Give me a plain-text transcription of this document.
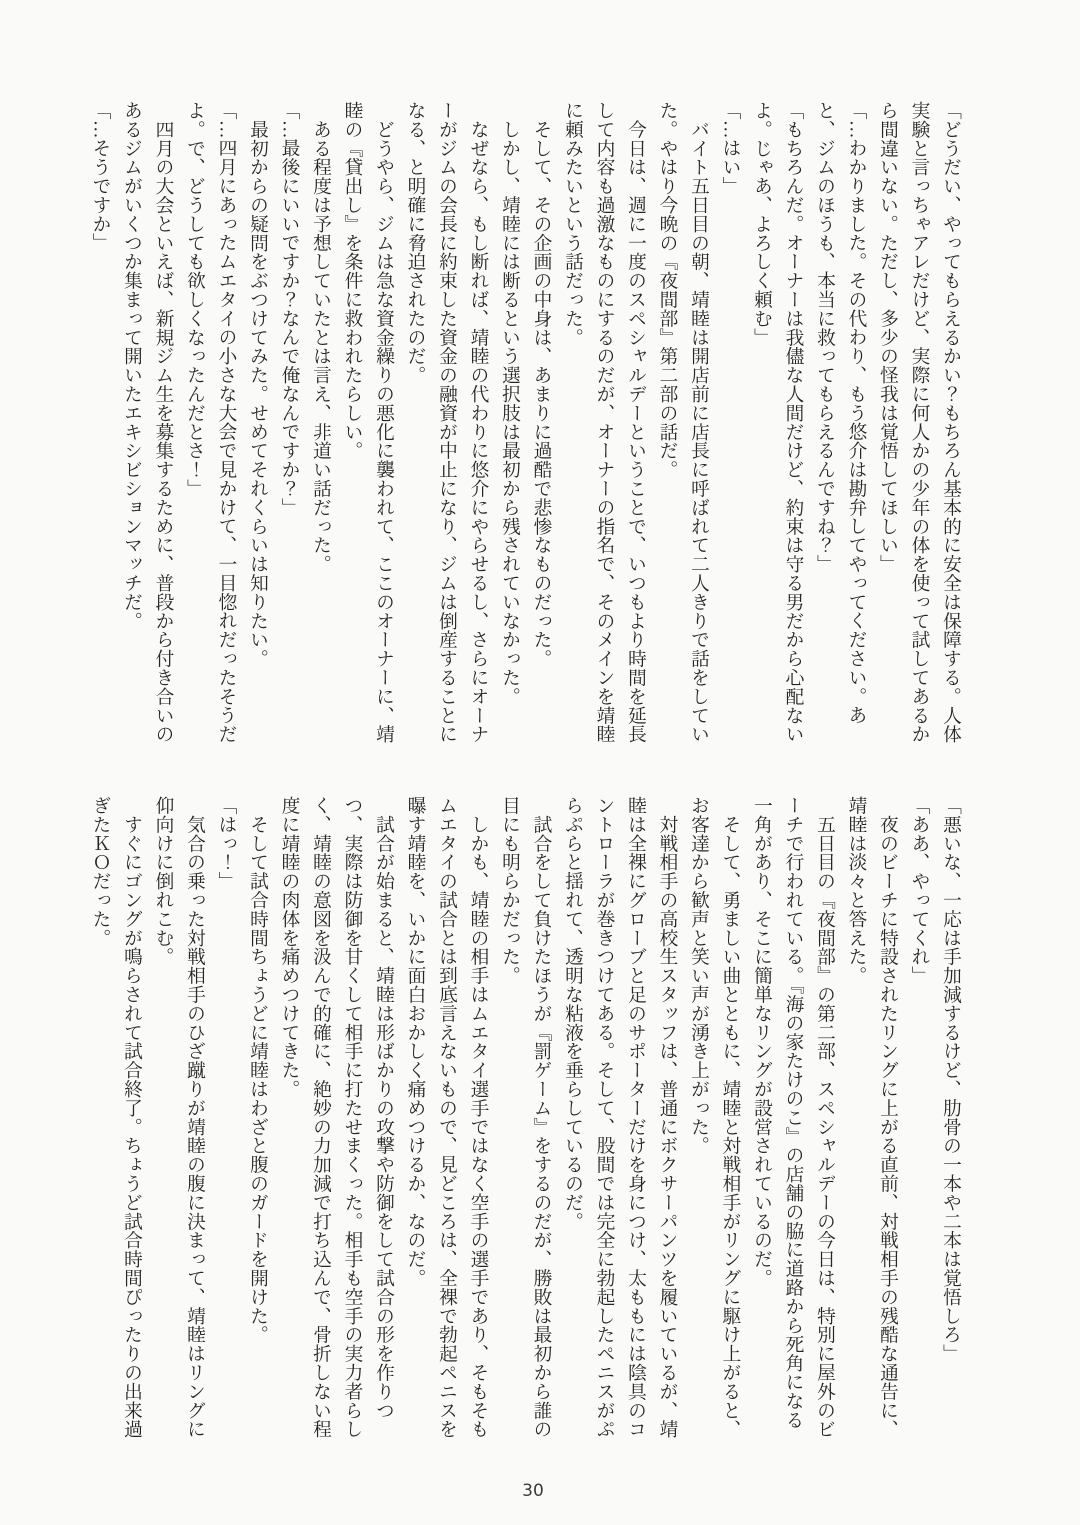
「どうだい、やってもらえるかい？もちろん基本的に安全は保障する。人体
実験と言っちゃアレだけど、実際に何人かの少年の体を使って試してあるか
ら間違いない。ただし、多少の怪我は覚悟してほしい」
「…わかりました。その代わり、もう悠介は勘弁してやってください。あ
と、ジムのほうも、本当に救ってもらえるんですね？」
「もちろんだ。オーナーは我儘な人間だけど、約束は守る男だから心配ない
よ。じゃあ、よろしく頼む」
「…はい」
　バイト五日目の朝、靖睦は開店前に店長に呼ばれて二人きりで話をしてい
た。やはり今晩の『夜間部』第二部の話だ。
　今日は、週に一度のスペシャルデーということで、いつもより時間を延長
して内容も過激なものにするのだが、オーナーの指名で、そのメインを靖睦
に頼みたいという話だった。
　そして、その企画の中身は、あまりに過酷で悲惨なものだった。
　しかし、靖睦には断るという選択肢は最初から残されていなかった。
　なぜなら、もし断れば、靖睦の代わりに悠介にやらせるし、さらにオーナ
ーがジムの会長に約束した資金の融資が中止になり、ジムは倒産することに
なる、と明確に脅迫されたのだ。
　どうやら、ジムは急な資金繰りの悪化に襲われて、ここのオーナーに、靖
睦の『貸出し』を条件に救われたらしい。
　ある程度は予想していたとは言え、非道い話だった。
「…最後にいいですか？なんで俺なんですか？」
　最初からの疑問をぶつけてみた。せめてそれくらいは知りたい。
「…四月にあったムエタイの小さな大会で見かけて、一目惚れだったそうだ
よ。で、どうしても欲しくなったんだとさ！」
　四月の大会といえば、新規ジム生を募集するために、普段から付き合いの
あるジムがいくつか集まって開いたエキシビションマッチだ。
「…そうですか」
「悪いな、一応は手加減するけど、肋骨の一本や二本は覚悟しろ」
「ああ、やってくれ」
　夜のビーチに特設されたリングに上がる直前、対戦相手の残酷な通告に、
靖睦は淡々と答えた。
　五日目の『夜間部』の第二部、スペシャルデーの今日は、特別に屋外のビ
ーチで行われている。『海の家たけのこ』の店舗の脇に道路から死角になる
一角があり、そこに簡単なリングが設営されているのだ。
　そして、勇ましい曲とともに、靖睦と対戦相手がリングに駆け上がると、
お客達から歓声と笑い声が湧き上がった。
　対戦相手の高校生スタッフは、普通にボクサーパンツを履いているが、靖
睦は全裸にグローブと足のサポーターだけを身につけ、太ももには陰具のコ
ントローラが巻きつけてある。そして、股間では完全に勃起したペニスがぷ
らぷらと揺れて、透明な粘液を垂らしているのだ。
　試合をして負けたほうが『罰ゲーム』をするのだが、勝敗は最初から誰の
目にも明らかだった。
　しかも、靖睦の相手はムエタイ選手ではなく空手の選手であり、そもそも
ムエタイの試合とは到底言えないもので、見どころは、全裸で勃起ペニスを
曝す靖睦を、いかに面白おかしく痛めつけるか、なのだ。
　試合が始まると、靖睦は形ばかりの攻撃や防御をして試合の形を作りつ
つ、実際は防御を甘くして相手に打たせまくった。相手も空手の実力者らし
く、靖睦の意図を汲んで的確に、絶妙の力加減で打ち込んで、骨折しない程
度に靖睦の肉体を痛めつけてきた。
　そして試合時間ちょうどに靖睦はわざと腹のガードを開けた。
「はっ！」
　気合の乗った対戦相手のひざ蹴りが靖睦の腹に決まって、靖睦はリングに
仰向けに倒れこむ。
　すぐにゴングが鳴らされて試合終了。ちょうど試合時間ぴったりの出来過
ぎたＫＯだった。
30
